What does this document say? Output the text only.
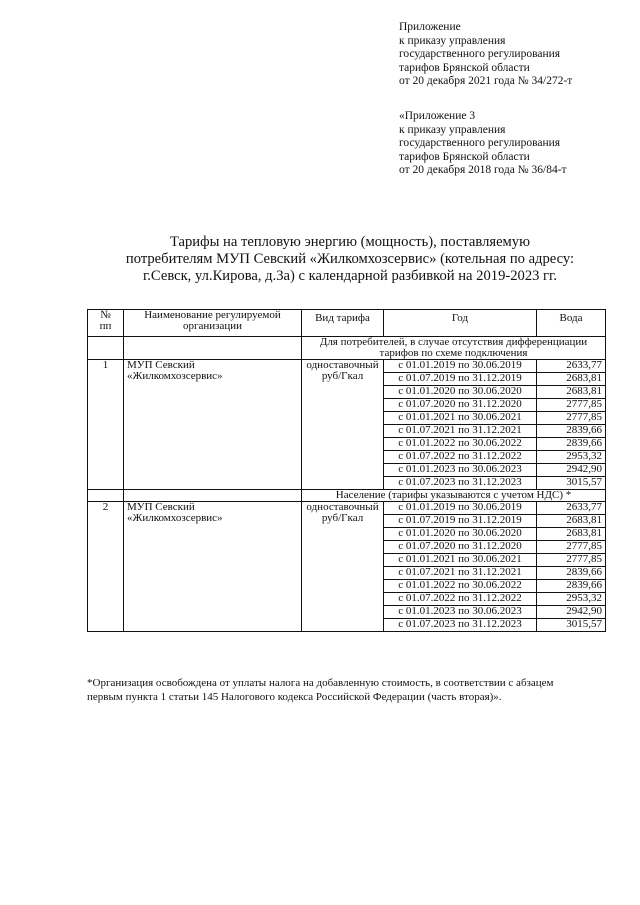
Приложение
к приказу управления
государственного регулирования
тарифов Брянской области
от 20 декабря 2021 года № 34/272-т
«Приложение 3
к приказу управления
государственного регулирования
тарифов Брянской области
от 20 декабря 2018 года № 36/84-т
Тарифы на тепловую энергию (мощность), поставляемую
потребителям МУП Севский «Жилкомхозсервис» (котельная по адресу:
г.Севск, ул.Кирова, д.3а) с календарной разбивкой на 2019-2023 гг.
№
пп	Наименование регулируемой
организации	Вид тарифа	Год	Вода

		Для потребителей, в случае отсутствия дифференциации
тарифов по схеме подключения		

1	МУП Севский
«Жилкомхозсервис»	одноставочный
руб/Гкал	с 01.01.2019 по 30.06.2019	2633,77
			с 01.07.2019 по 31.12.2019	2683,81
			с 01.01.2020 по 30.06.2020	2683,81
			с 01.07.2020 по 31.12.2020	2777,85
			с 01.01.2021 по 30.06.2021	2777,85
			с 01.07.2021 по 31.12.2021	2839,66
			с 01.01.2022 по 30.06.2022	2839,66
			с 01.07.2022 по 31.12.2022	2953,32
			с 01.01.2023 по 30.06.2023	2942,90
			с 01.07.2023 по 31.12.2023	3015,57

		Население (тарифы указываются с учетом НДС) *		

2	МУП Севский
«Жилкомхозсервис»	одноставочный
руб/Гкал	с 01.01.2019 по 30.06.2019	2633,77
			с 01.07.2019 по 31.12.2019	2683,81
			с 01.01.2020 по 30.06.2020	2683,81
			с 01.07.2020 по 31.12.2020	2777,85
			с 01.01.2021 по 30.06.2021	2777,85
			с 01.07.2021 по 31.12.2021	2839,66
			с 01.01.2022 по 30.06.2022	2839,66
			с 01.07.2022 по 31.12.2022	2953,32
			с 01.01.2023 по 30.06.2023	2942,90
			с 01.07.2023 по 31.12.2023	3015,57
*Организация освобождена от уплаты налога на добавленную стоимость, в соответствии с абзацем
первым пункта 1 статьи 145 Налогового кодекса Российской Федерации (часть вторая)».
